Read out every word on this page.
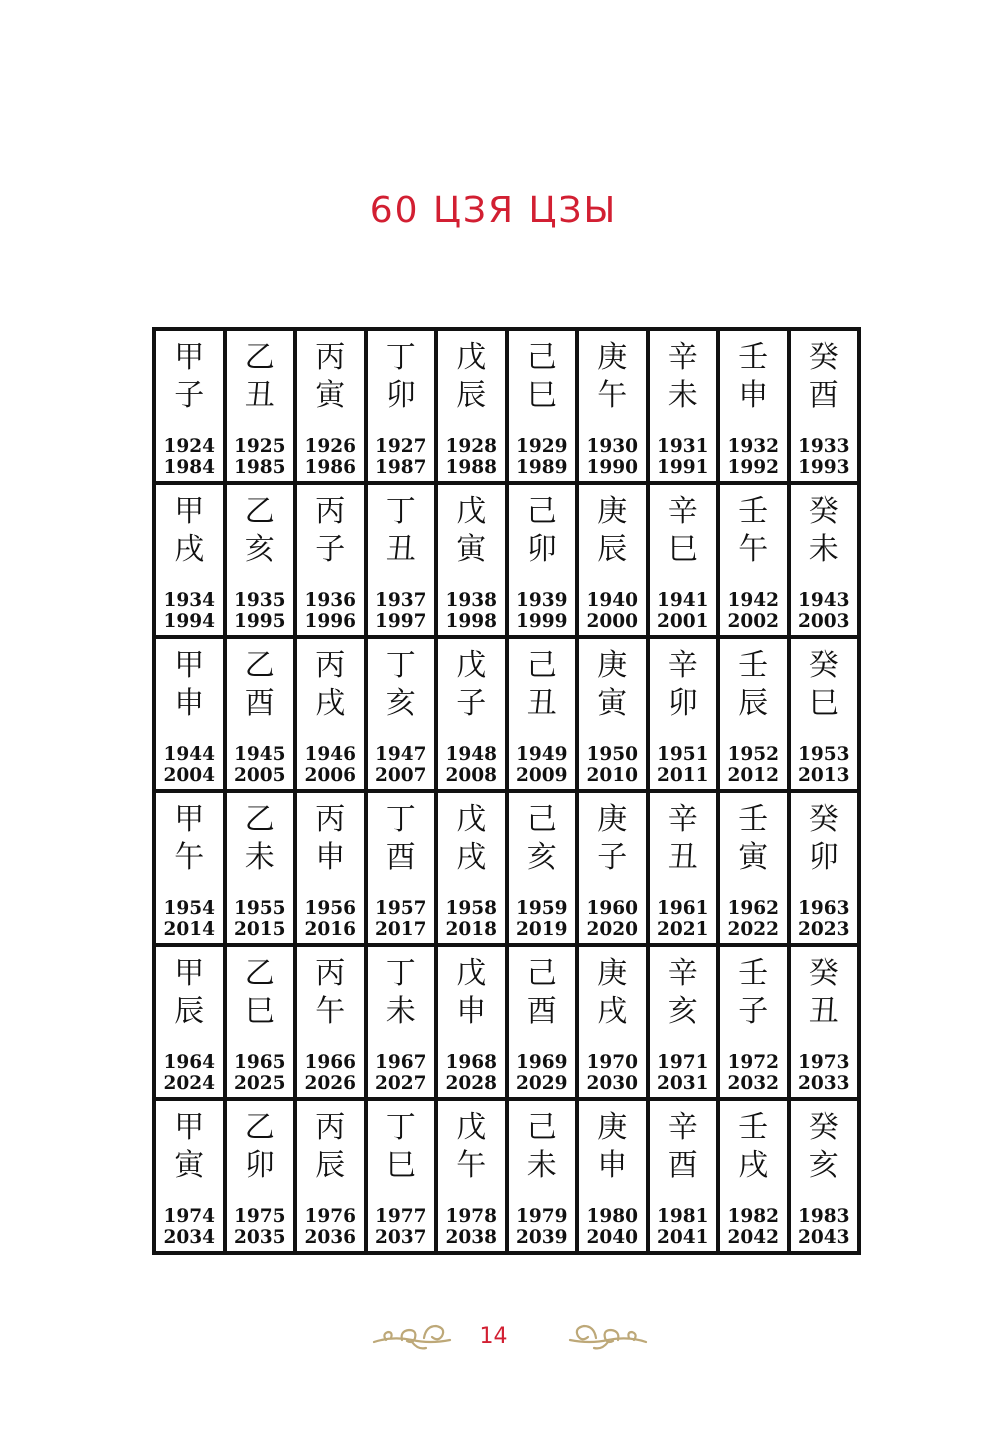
60 ЦЗЯ ЦЗЫ
甲
子
1924
1984
乙
丑
1925
1985
丙
寅
1926
1986
丁
卯
1927
1987
戊
辰
1928
1988
己
巳
1929
1989
庚
午
1930
1990
辛
未
1931
1991
壬
申
1932
1992
癸
酉
1933
1993
甲
戌
1934
1994
乙
亥
1935
1995
丙
子
1936
1996
丁
丑
1937
1997
戊
寅
1938
1998
己
卯
1939
1999
庚
辰
1940
2000
辛
巳
1941
2001
壬
午
1942
2002
癸
未
1943
2003
甲
申
1944
2004
乙
酉
1945
2005
丙
戌
1946
2006
丁
亥
1947
2007
戊
子
1948
2008
己
丑
1949
2009
庚
寅
1950
2010
辛
卯
1951
2011
壬
辰
1952
2012
癸
巳
1953
2013
甲
午
1954
2014
乙
未
1955
2015
丙
申
1956
2016
丁
酉
1957
2017
戊
戌
1958
2018
己
亥
1959
2019
庚
子
1960
2020
辛
丑
1961
2021
壬
寅
1962
2022
癸
卯
1963
2023
甲
辰
1964
2024
乙
巳
1965
2025
丙
午
1966
2026
丁
未
1967
2027
戊
申
1968
2028
己
酉
1969
2029
庚
戌
1970
2030
辛
亥
1971
2031
壬
子
1972
2032
癸
丑
1973
2033
甲
寅
1974
2034
乙
卯
1975
2035
丙
辰
1976
2036
丁
巳
1977
2037
戊
午
1978
2038
己
未
1979
2039
庚
申
1980
2040
辛
酉
1981
2041
壬
戌
1982
2042
癸
亥
1983
2043
14
